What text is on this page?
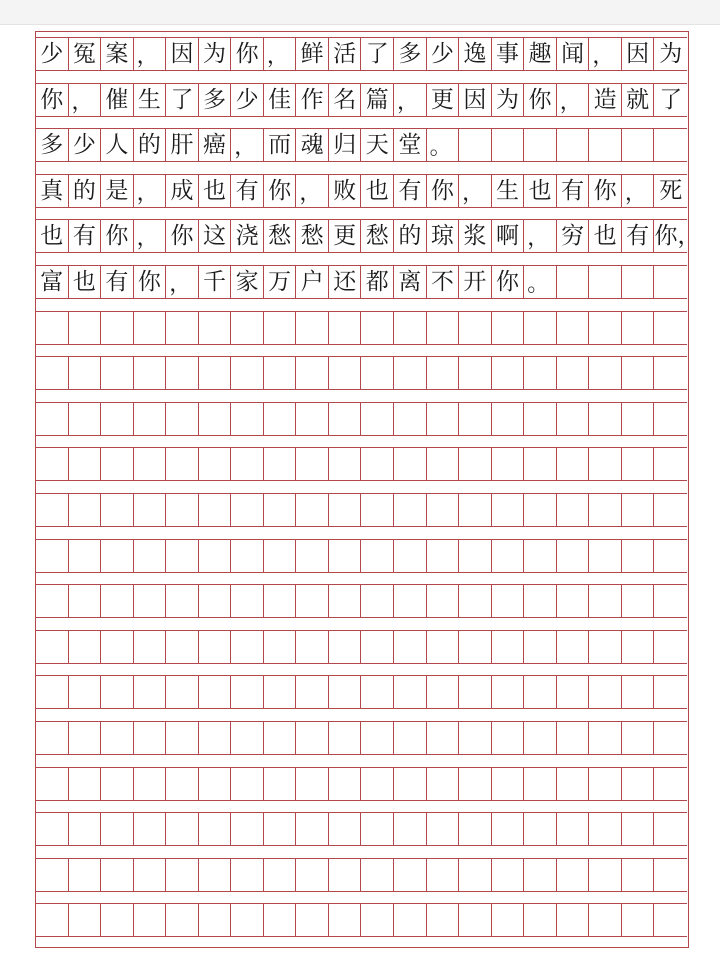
少 冤 案 ， 因 为 你 ， 鲜 活 了 多 少 逸 事 趣 闻 ， 因 为
你 ， 催 生 了 多 少 佳 作 名 篇 ， 更 因 为 你 ， 造 就 了
多 少 人 的 肝 癌 ， 而 魂 归 天 堂 。
真 的 是 ， 成 也 有 你 ， 败 也 有 你 ， 生 也 有 你 ， 死
也 有 你 ， 你 这 浇 愁 愁 更 愁 的 琼 浆 啊 ， 穷 也 有 你，
富 也 有 你 ， 千 家 万 户 还 都 离 不 开 你 。
